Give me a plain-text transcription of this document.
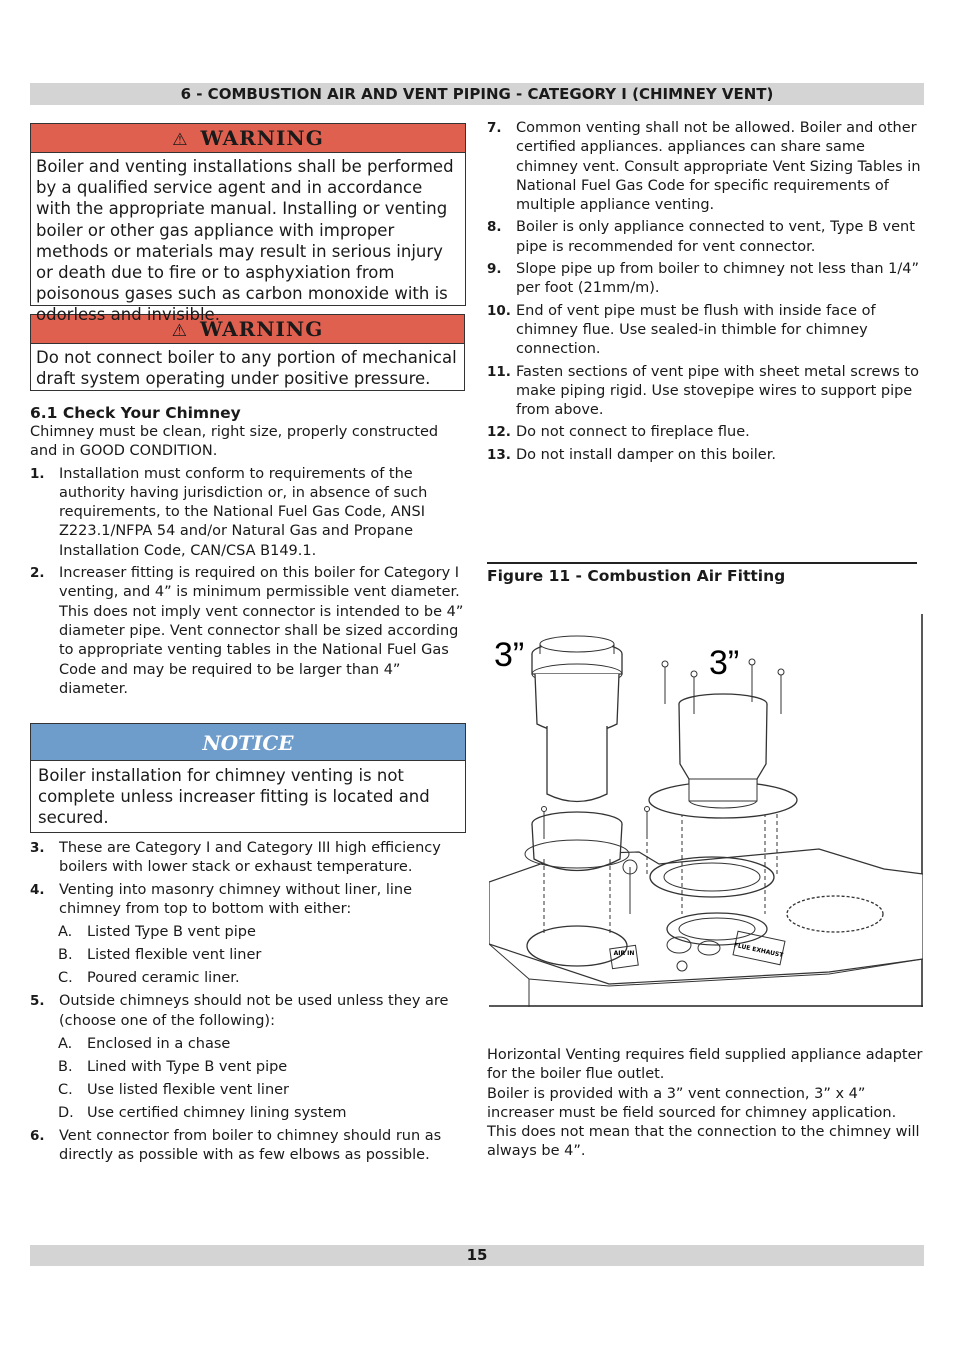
6 - COMBUSTION AIR AND VENT PIPING - CATEGORY I (CHIMNEY VENT)
⚠ WARNING
Boiler and venting installations shall be performed by a qualified service agent and in accordance with the appropriate manual. Installing or venting boiler or other gas appliance with improper methods or materials may result in serious injury or death due to fire or to asphyxiation from poisonous gases such as carbon monoxide with is odorless and invisible.
⚠ WARNING
Do not connect boiler to any portion of mechanical draft system operating under positive pressure.
6.1 Check Your Chimney
Chimney must be clean, right size, properly constructed and in GOOD CONDITION.
1. Installation must conform to requirements of the authority having jurisdiction or, in absence of such requirements, to the National Fuel Gas Code, ANSI Z223.1/NFPA 54 and/or Natural Gas and Propane Installation Code, CAN/CSA B149.1.
2. Increaser fitting is required on this boiler for Category I venting, and 4” is minimum permissible vent diameter. This does not imply vent connector is intended to be 4” diameter pipe. Vent connector shall be sized according to appropriate venting tables in the National Fuel Gas Code and may be required to be larger than 4” diameter.
NOTICE
Boiler installation for chimney venting is not complete unless increaser fitting is located and secured.
3. These are Category I and Category III high efficiency boilers with lower stack or exhaust temperature.
4. Venting into masonry chimney without liner, line chimney from top to bottom with either:
A. Listed Type B vent pipe
B. Listed flexible vent liner
C. Poured ceramic liner.
5. Outside chimneys should not be used unless they are (choose one of the following):
A. Enclosed in a chase
B. Lined with Type B vent pipe
C. Use listed flexible vent liner
D. Use certified chimney lining system
6. Vent connector from boiler to chimney should run as directly as possible with as few elbows as possible.
7. Common venting shall not be allowed. Boiler and other certified appliances. appliances can share same chimney vent. Consult appropriate Vent Sizing Tables in National Fuel Gas Code for specific requirements of multiple appliance venting.
8. Boiler is only appliance connected to vent, Type B vent pipe is recommended for vent connector.
9. Slope pipe up from boiler to chimney not less than 1/4” per foot (21mm/m).
10. End of vent pipe must be flush with inside face of chimney flue. Use sealed-in thimble for chimney connection.
11. Fasten sections of vent pipe with sheet metal screws to make piping rigid. Use stovepipe wires to support pipe from above.
12. Do not connect to fireplace flue.
13. Do not install damper on this boiler.
Figure 11 - Combustion Air Fitting
AIR IN	FLUE EXHAUST
3”	3”
Horizontal Venting requires field supplied appliance adapter for the boiler flue outlet.
Boiler is provided with a 3” vent connection, 3” x 4” increaser must be field sourced for chimney application.
This does not mean that the connection to the chimney will always be 4”.
15
